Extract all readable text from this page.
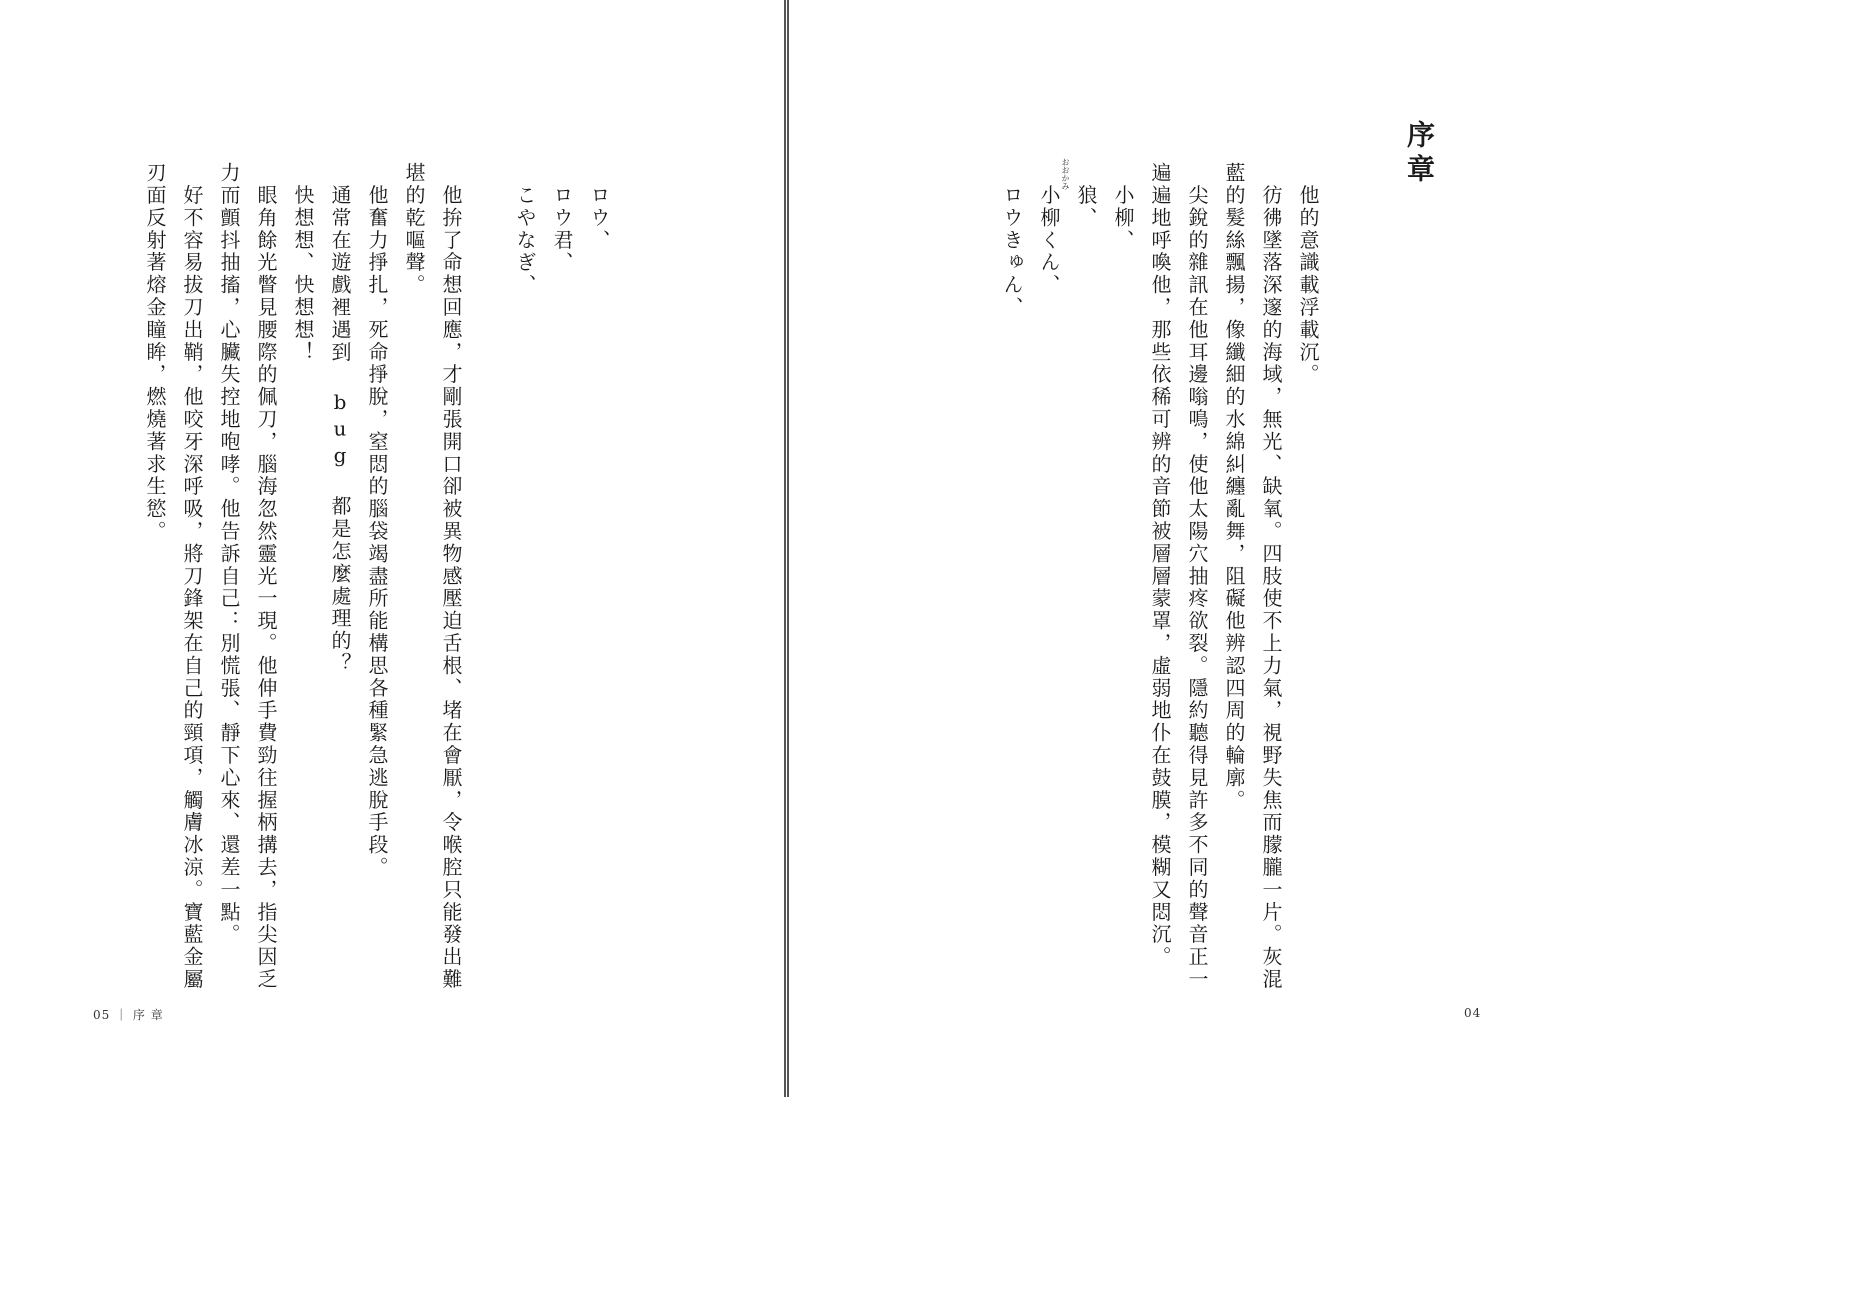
　ロウ、
　ロウ君、
　こやなぎ、
　他拚了命想回應，才剛張開口卻被異物感壓迫舌根、堵在會厭，令喉腔只能發出難
堪的乾嘔聲。
　他奮力掙扎，死命掙脫，窒悶的腦袋竭盡所能構思各種緊急逃脫手段。
　通常在遊戲裡遇到 bug 都是怎麼處理的？
　快想想、快想想！
　眼角餘光瞥見腰際的佩刀，腦海忽然靈光一現。他伸手費勁往握柄搆去，指尖因乏
力而顫抖抽搐，心臟失控地咆哮。他告訴自己：別慌張、靜下心來、還差一點。
　好不容易拔刀出鞘，他咬牙深呼吸，將刀鋒架在自己的頸項，觸膚冰涼。寶藍金屬
刃面反射著熔金瞳眸，燃燒著求生慾。
05 ｜ 序 章
序章
　他的意識載浮載沉。
　彷彿墜落深邃的海域，無光、缺氧。四肢使不上力氣，視野失焦而朦朧一片。灰混
藍的髮絲飄揚，像纖細的水綿糾纏亂舞，阻礙他辨認四周的輪廓。
　尖銳的雜訊在他耳邊嗡鳴，使他太陽穴抽疼欲裂。隱約聽得見許多不同的聲音正一
遍遍地呼喚他，那些依稀可辨的音節被層層蒙罩，虛弱地仆在鼓膜，模糊又悶沉。
　小柳、
　狼、
　小柳くん、
　ロウきゅん、	おおかみ
04
